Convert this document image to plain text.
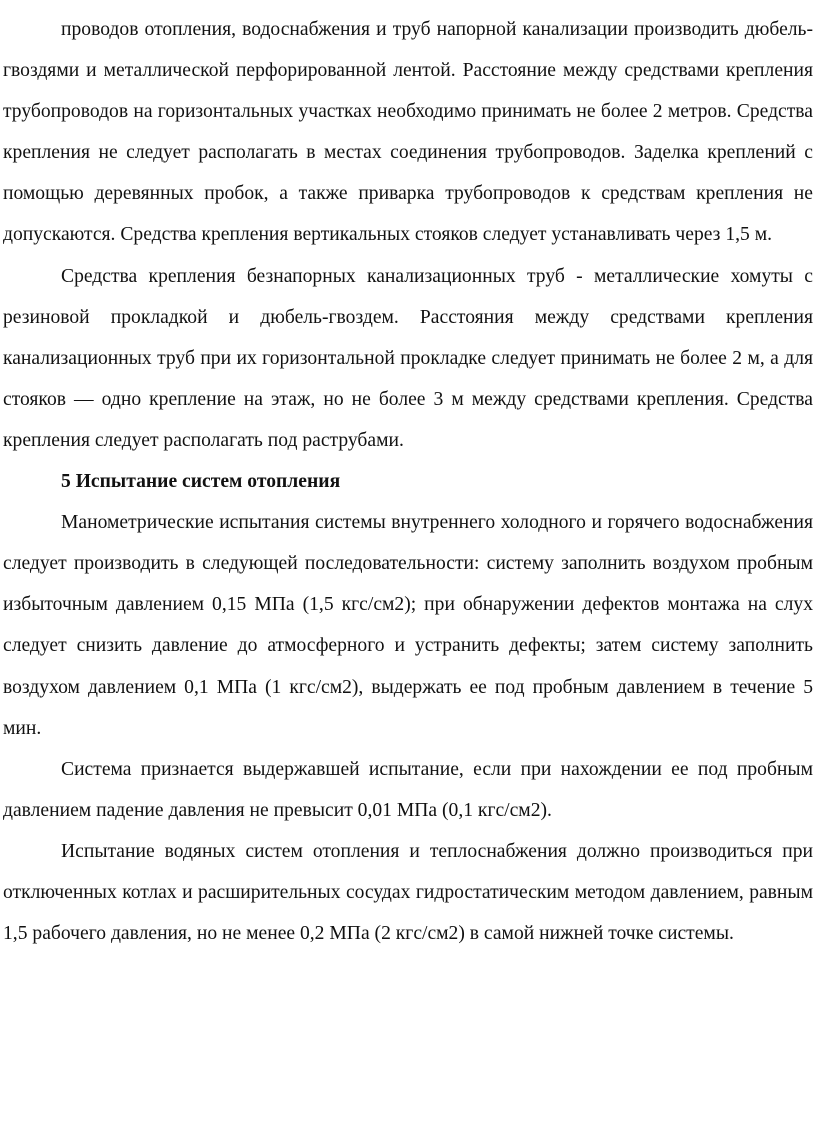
проводов отопления, водоснабжения и труб напорной канализации производить дюбель-гвоздями и металлической перфорированной лентой. Расстояние между средствами крепления трубопроводов на горизонтальных участках необходимо принимать не более 2 метров. Средства крепления не следует располагать в местах соединения трубопроводов. Заделка креплений с помощью деревянных пробок, а также приварка трубопроводов к средствам крепления не допускаются. Средства крепления вертикальных стояков следует устанавливать через 1,5 м.

Средства крепления безнапорных канализационных труб - металлические хомуты с резиновой прокладкой и дюбель-гвоздем. Расстояния между средствами крепления канализационных труб при их горизонтальной прокладке следует принимать не более 2 м, а для стояков — одно крепление на этаж, но не более 3 м между средствами крепления. Средства крепления следует располагать под раструбами.

5 Испытание систем отопления

Манометрические испытания системы внутреннего холодного и горячего водоснабжения следует производить в следующей последовательности: систему заполнить воздухом пробным избыточным давлением 0,15 МПа (1,5 кгс/см2); при обнаружении дефектов монтажа на слух следует снизить давление до атмосферного и устранить дефекты; затем систему заполнить воздухом давлением 0,1 МПа (1 кгс/см2), выдержать ее под пробным давлением в течение 5 мин.

Система признается выдержавшей испытание, если при нахождении ее под пробным давлением падение давления не превысит 0,01 МПа (0,1 кгс/см2).

Испытание водяных систем отопления и теплоснабжения должно производиться при отключенных котлах и расширительных сосудах гидростатическим методом давлением, равным 1,5 рабочего давления, но не менее 0,2 МПа (2 кгс/см2) в самой нижней точке системы.
